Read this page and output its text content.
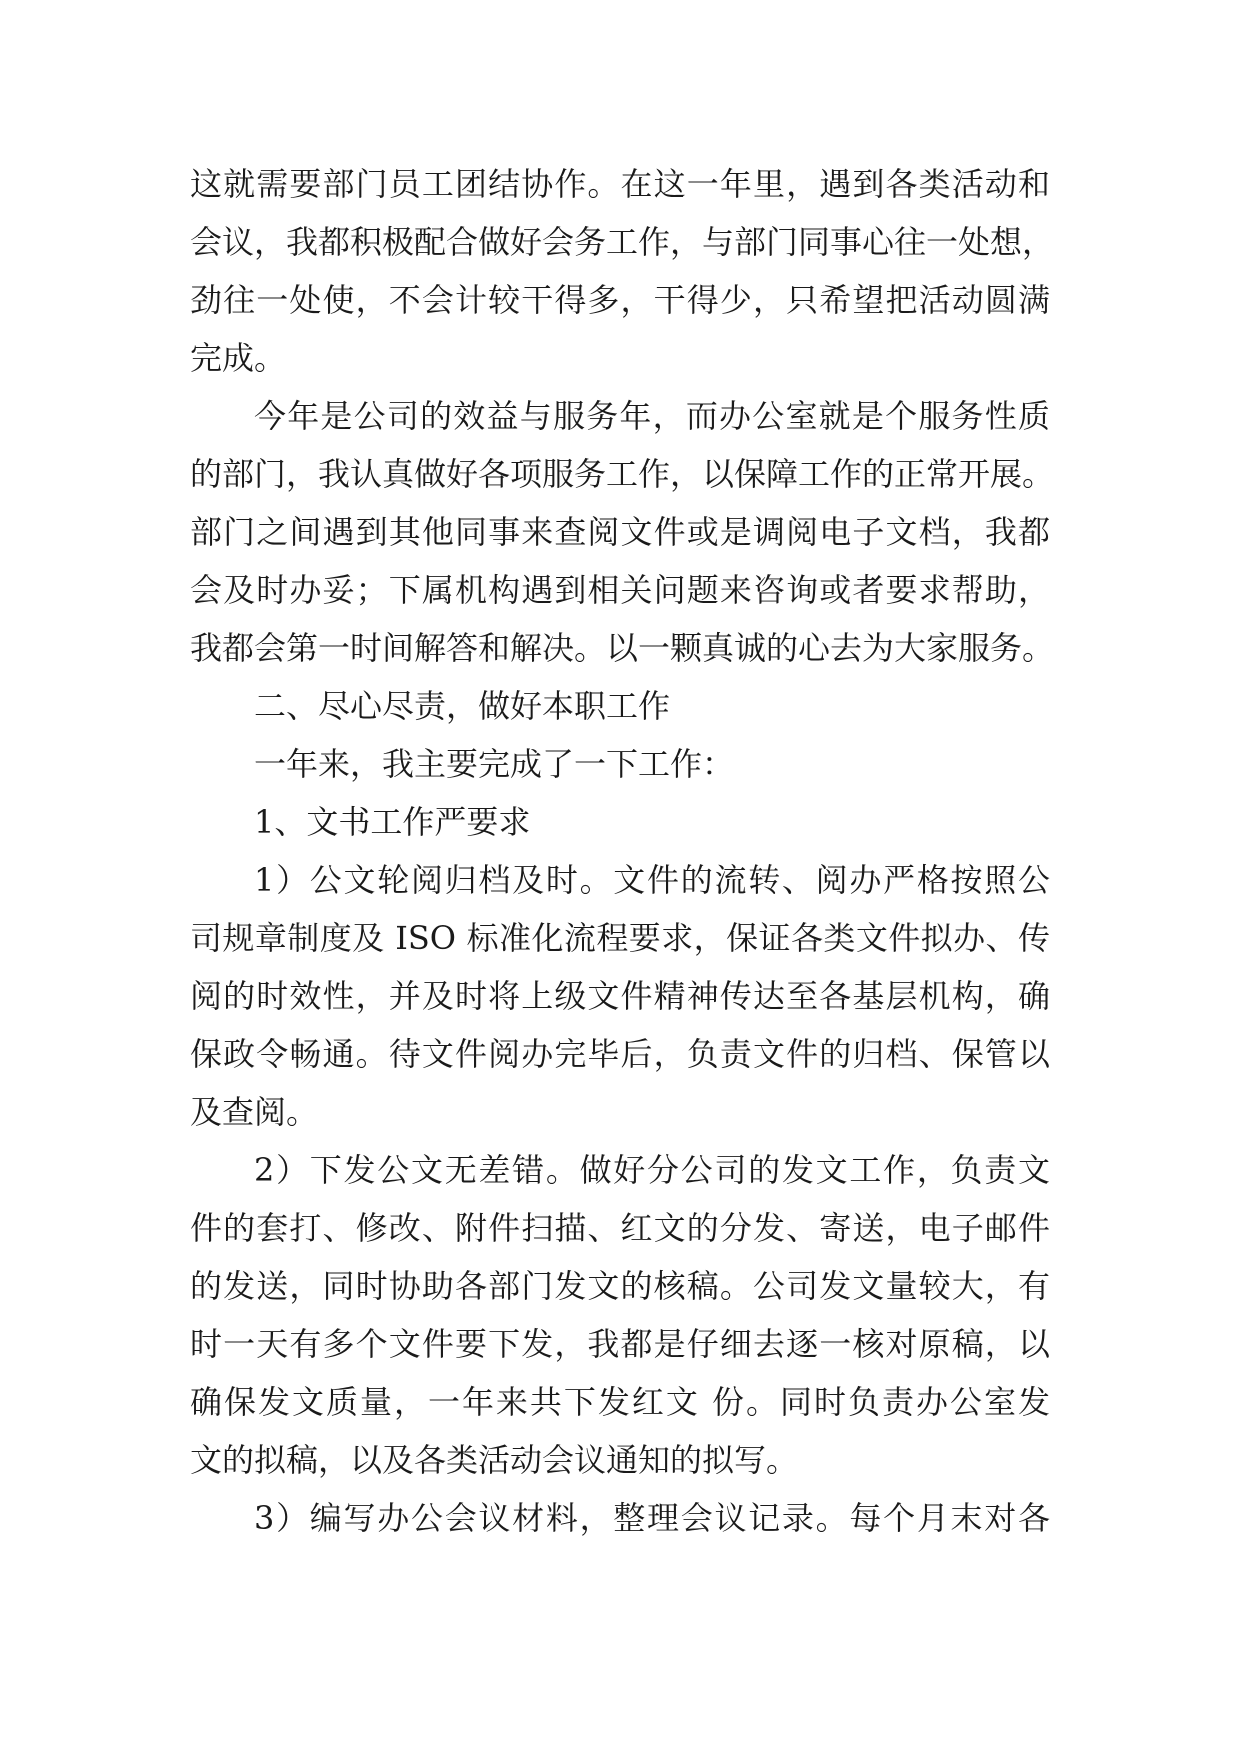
这就需要部门员工团结协作。在这一年里，遇到各类活动和
会议，我都积极配合做好会务工作，与部门同事心往一处想，
劲往一处使，不会计较干得多，干得少，只希望把活动圆满
完成。
今年是公司的效益与服务年，而办公室就是个服务性质
的部门，我认真做好各项服务工作，以保障工作的正常开展。
部门之间遇到其他同事来查阅文件或是调阅电子文档，我都
会及时办妥；下属机构遇到相关问题来咨询或者要求帮助，
我都会第一时间解答和解决。以一颗真诚的心去为大家服务。
二、尽心尽责，做好本职工作
一年来，我主要完成了一下工作：
1、文书工作严要求
1）公文轮阅归档及时。文件的流转、阅办严格按照公
司规章制度及 ISO 标准化流程要求，保证各类文件拟办、传
阅的时效性，并及时将上级文件精神传达至各基层机构，确
保政令畅通。待文件阅办完毕后，负责文件的归档、保管以
及查阅。
2）下发公文无差错。做好分公司的发文工作，负责文
件的套打、修改、附件扫描、红文的分发、寄送，电子邮件
的发送，同时协助各部门发文的核稿。公司发文量较大，有
时一天有多个文件要下发，我都是仔细去逐一核对原稿，以
确保发文质量，一年来共下发红文 份。同时负责办公室发
文的拟稿，以及各类活动会议通知的拟写。
3）编写办公会议材料，整理会议记录。每个月末对各
